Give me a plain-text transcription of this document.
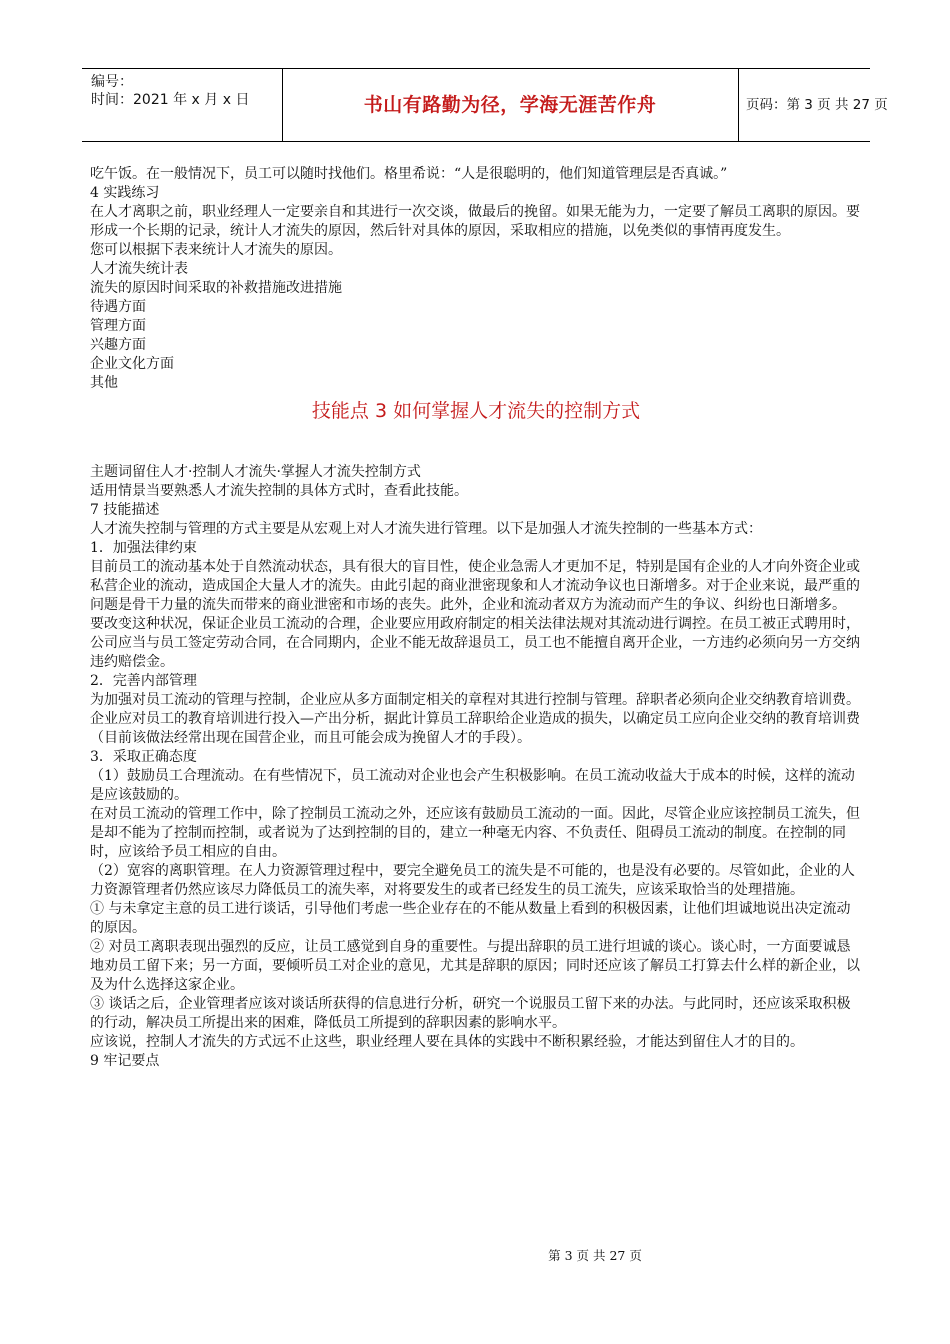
编号：
时间：2021 年 x 月 x 日	书山有路勤为径，学海无涯苦作舟	页码：第 3 页 共 27 页

吃午饭。在一般情况下，员工可以随时找他们。格里希说：“人是很聪明的，他们知道管理层是否真诚。”

4 实践练习

在人才离职之前，职业经理人一定要亲自和其进行一次交谈，做最后的挽留。如果无能为力，一定要了解员工离职的原因。要形成一个长期的记录，统计人才流失的原因，然后针对具体的原因，采取相应的措施，以免类似的事情再度发生。

您可以根据下表来统计人才流失的原因。

人才流失统计表

流失的原因时间采取的补救措施改进措施

待遇方面

管理方面

兴趣方面

企业文化方面

其他

技能点 3 如何掌握人才流失的控制方式

主题词留住人才·控制人才流失·掌握人才流失控制方式

适用情景当要熟悉人才流失控制的具体方式时，查看此技能。

7 技能描述

人才流失控制与管理的方式主要是从宏观上对人才流失进行管理。以下是加强人才流失控制的一些基本方式：

1．加强法律约束

目前员工的流动基本处于自然流动状态，具有很大的盲目性，使企业急需人才更加不足，特别是国有企业的人才向外资企业或私营企业的流动，造成国企大量人才的流失。由此引起的商业泄密现象和人才流动争议也日渐增多。对于企业来说，最严重的问题是骨干力量的流失而带来的商业泄密和市场的丧失。此外，企业和流动者双方为流动而产生的争议、纠纷也日渐增多。

要改变这种状况，保证企业员工流动的合理，企业要应用政府制定的相关法律法规对其流动进行调控。在员工被正式聘用时，公司应当与员工签定劳动合同，在合同期内，企业不能无故辞退员工，员工也不能擅自离开企业，一方违约必须向另一方交纳违约赔偿金。

2．完善内部管理

为加强对员工流动的管理与控制，企业应从多方面制定相关的章程对其进行控制与管理。辞职者必须向企业交纳教育培训费。企业应对员工的教育培训进行投入—产出分析，据此计算员工辞职给企业造成的损失，以确定员工应向企业交纳的教育培训费（目前该做法经常出现在国营企业，而且可能会成为挽留人才的手段）。

3．采取正确态度

（1）鼓励员工合理流动。在有些情况下，员工流动对企业也会产生积极影响。在员工流动收益大于成本的时候，这样的流动是应该鼓励的。

在对员工流动的管理工作中，除了控制员工流动之外，还应该有鼓励员工流动的一面。因此，尽管企业应该控制员工流失，但是却不能为了控制而控制，或者说为了达到控制的目的，建立一种毫无内容、不负责任、阻碍员工流动的制度。在控制的同时，应该给予员工相应的自由。

（2）宽容的离职管理。在人力资源管理过程中，要完全避免员工的流失是不可能的，也是没有必要的。尽管如此，企业的人力资源管理者仍然应该尽力降低员工的流失率，对将要发生的或者已经发生的员工流失，应该采取恰当的处理措施。

① 与未拿定主意的员工进行谈话，引导他们考虑一些企业存在的不能从数量上看到的积极因素，让他们坦诚地说出决定流动的原因。

② 对员工离职表现出强烈的反应，让员工感觉到自身的重要性。与提出辞职的员工进行坦诚的谈心。谈心时，一方面要诚恳地劝员工留下来；另一方面，要倾听员工对企业的意见，尤其是辞职的原因；同时还应该了解员工打算去什么样的新企业，以及为什么选择这家企业。

③ 谈话之后，企业管理者应该对谈话所获得的信息进行分析，研究一个说服员工留下来的办法。与此同时，还应该采取积极的行动，解决员工所提出来的困难，降低员工所提到的辞职因素的影响水平。

应该说，控制人才流失的方式远不止这些，职业经理人要在具体的实践中不断积累经验，才能达到留住人才的目的。

9 牢记要点

第 3 页 共 27 页
